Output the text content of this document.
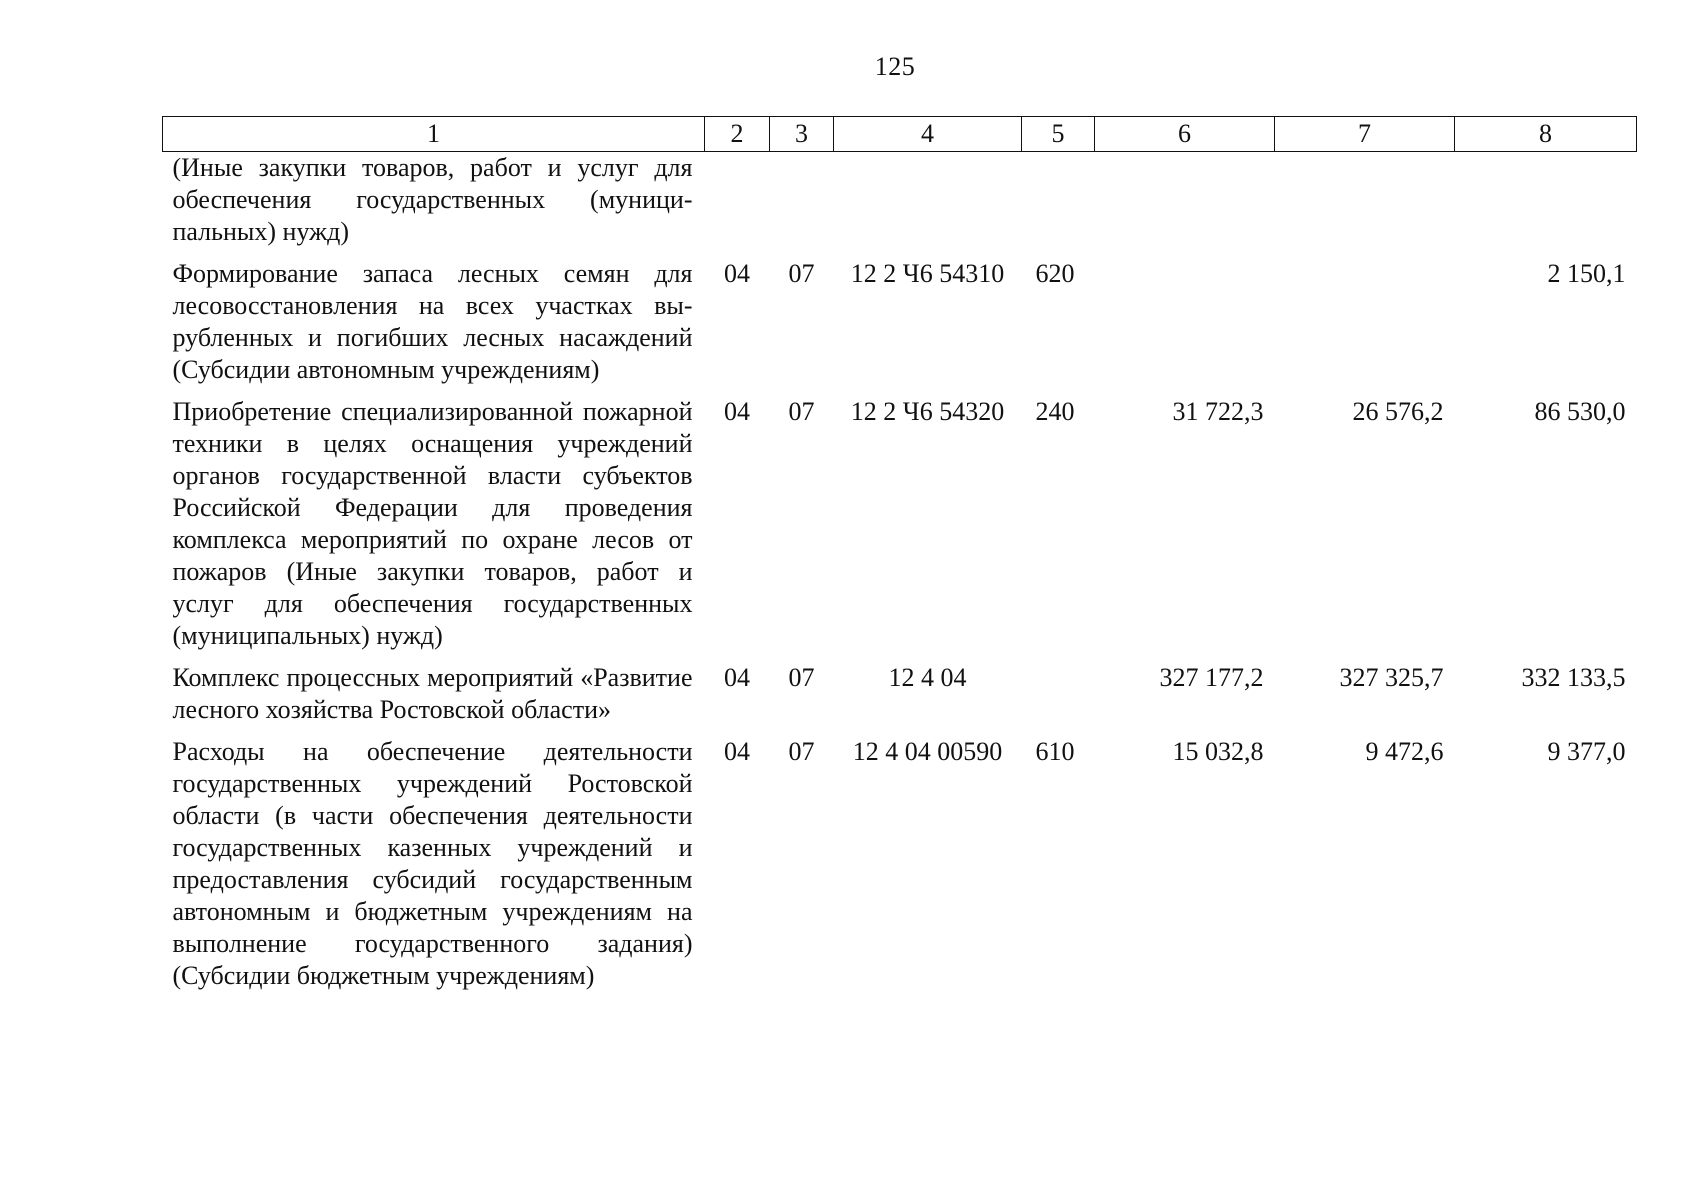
125
1	2	3	4	5	6	7	8
(Иные закупки товаров, работ и услуг для обеспечения государственных (муниципальных) нужд)							
Формирование запаса лесных семян для лесовосстановления на всех участках вырубленных и погибших лесных насаждений (Субсидии автономным учреждениям)	04	07	12 2 Ч6 54310	620			2 150,1
Приобретение специализированной пожарной техники в целях оснащения учреждений органов государственной власти субъектов Российской Федерации для проведения комплекса мероприятий по охране лесов от пожаров (Иные закупки товаров, работ и услуг для обеспечения государственных (муниципальных) нужд)	04	07	12 2 Ч6 54320	240	31 722,3	26 576,2	86 530,0
Комплекс процессных мероприятий «Развитие лесного хозяйства Ростовской области»	04	07	12 4 04		327 177,2	327 325,7	332 133,5
Расходы на обеспечение деятельности государственных учреждений Ростовской области (в части обеспечения деятельности государственных казенных учреждений и предоставления субсидий государственным автономным и бюджетным учреждениям на выполнение государственного задания) (Субсидии бюджетным учреждениям)	04	07	12 4 04 00590	610	15 032,8	9 472,6	9 377,0
